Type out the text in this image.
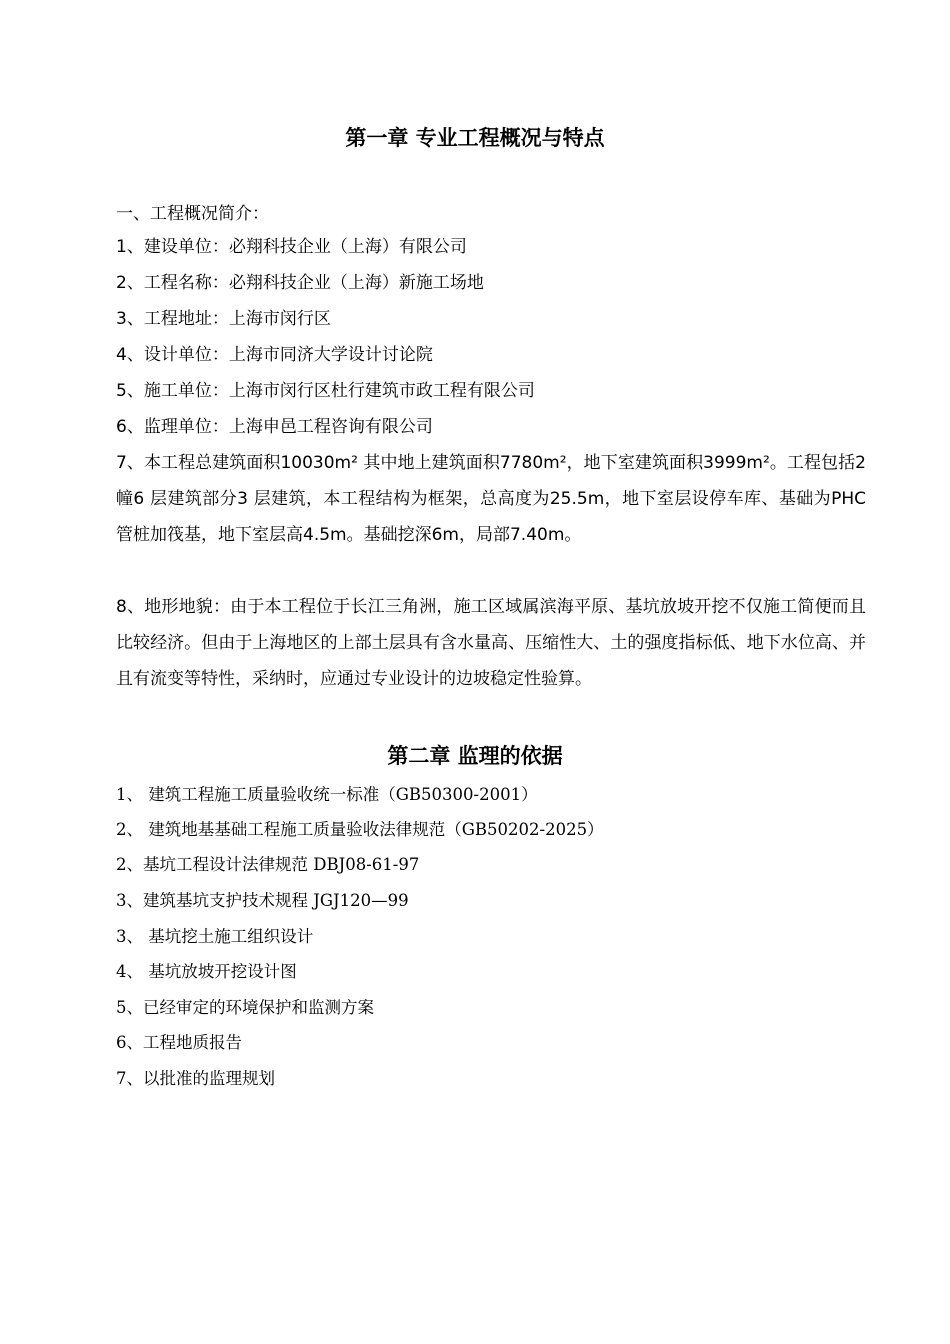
第一章 专业工程概况与特点

一、工程概况简介：

1、建设单位：必翔科技企业（上海）有限公司

2、工程名称：必翔科技企业（上海）新施工场地

3、工程地址：上海市闵行区

4、设计单位：上海市同济大学设计讨论院

5、施工单位：上海市闵行区杜行建筑市政工程有限公司

6、监理单位：上海申邑工程咨询有限公司

7、本工程总建筑面积10030m² 其中地上建筑面积7780m²，地下室建筑面积3999m²。工程包括2 幢6 层建筑部分3 层建筑，本工程结构为框架，总高度为25.5m，地下室层设停车库、基础为PHC 管桩加筏基，地下室层高4.5m。基础挖深6m，局部7.40m。

8、地形地貌：由于本工程位于长江三角洲，施工区域属滨海平原、基坑放坡开挖不仅施工简便而且比较经济。但由于上海地区的上部土层具有含水量高、压缩性大、土的强度指标低、地下水位高、并且有流变等特性，采纳时，应通过专业设计的边坡稳定性验算。

第二章 监理的依据

1、 建筑工程施工质量验收统一标准（GB50300-2001）

2、 建筑地基基础工程施工质量验收法律规范（GB50202-2025）

2、基坑工程设计法律规范 DBJ08-61-97

3、建筑基坑支护技术规程 JGJ120—99

3、 基坑挖土施工组织设计

4、 基坑放坡开挖设计图

5、已经审定的环境保护和监测方案

6、工程地质报告

7、以批准的监理规划
